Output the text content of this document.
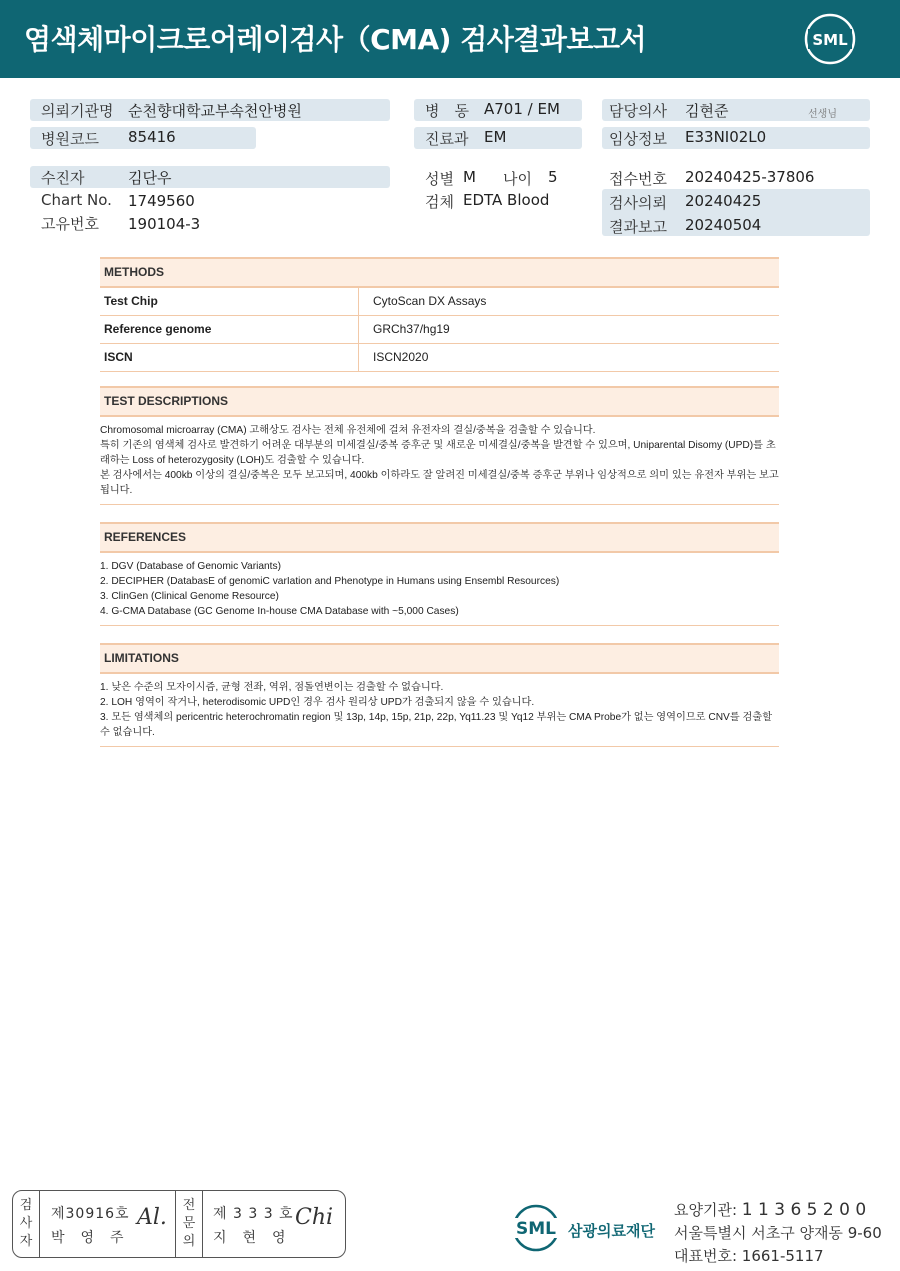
염색체마이크로어레이검사（CMA) 검사결과보고서	SML
의뢰기관명 순천향대학교부속천안병원
병원코드 85416
수진자	김단우
Chart No. 1749560
고유번호 190104-3
병　동 A701 / EM
진료과 EM
성별 M 나이 5
검체 EDTA Blood
담당의사 김현준	선생님
임상정보 E33NI02L0
접수번호 20240425-37806
검사의뢰 20240425
결과보고 20240504
METHODS
Test Chip	CytoScan DX Assays
Reference genome	GRCh37/hg19
ISCN	ISCN2020
TEST DESCRIPTIONS
Chromosomal microarray (CMA) 고해상도 검사는 전체 유전체에 걸쳐 유전자의 결실/중복을 검출할 수 있습니다.
특히 기존의 염색체 검사로 발견하기 어려운 대부분의 미세결실/중복 증후군 및 새로운 미세결실/중복을 발견할 수 있으며, Uniparental Disomy (UPD)를 초래하는 Loss of heterozygosity (LOH)도 검출할 수 있습니다.
본 검사에서는 400kb 이상의 결실/중복은 모두 보고되며, 400kb 이하라도 잘 알려진 미세결실/중복 증후군 부위나 임상적으로 의미 있는 유전자 부위는 보고됩니다.
REFERENCES
1. DGV (Database of Genomic Variants)
2. DECIPHER (DatabasE of genomiC varIation and Phenotype in Humans using Ensembl Resources)
3. ClinGen (Clinical Genome Resource)
4. G-CMA Database (GC Genome In-house CMA Database with ~5,000 Cases)
LIMITATIONS
1. 낮은 수준의 모자이시즘, 균형 전좌, 역위, 점돌연변이는 검출할 수 없습니다.
2. LOH 영역이 작거나, heterodisomic UPD인 경우 검사 원리상 UPD가 검출되지 않을 수 있습니다.
3. 모든 염색체의 pericentric heterochromatin region 및 13p, 14p, 15p, 21p, 22p, Yq11.23 및 Yq12 부위는 CMA Probe가 없는 영역이므로 CNV를 검출할 수 없습니다.
검
사
자
제30916호
박　영　주
Al.	전
문
의
제 3 3 3 호
지　현　영
Chi	SML 삼광의료재단
요양기관: 1 1 3 6 5 2 0 0
서울특별시 서초구 양재동 9-60
대표번호: 1661-5117
